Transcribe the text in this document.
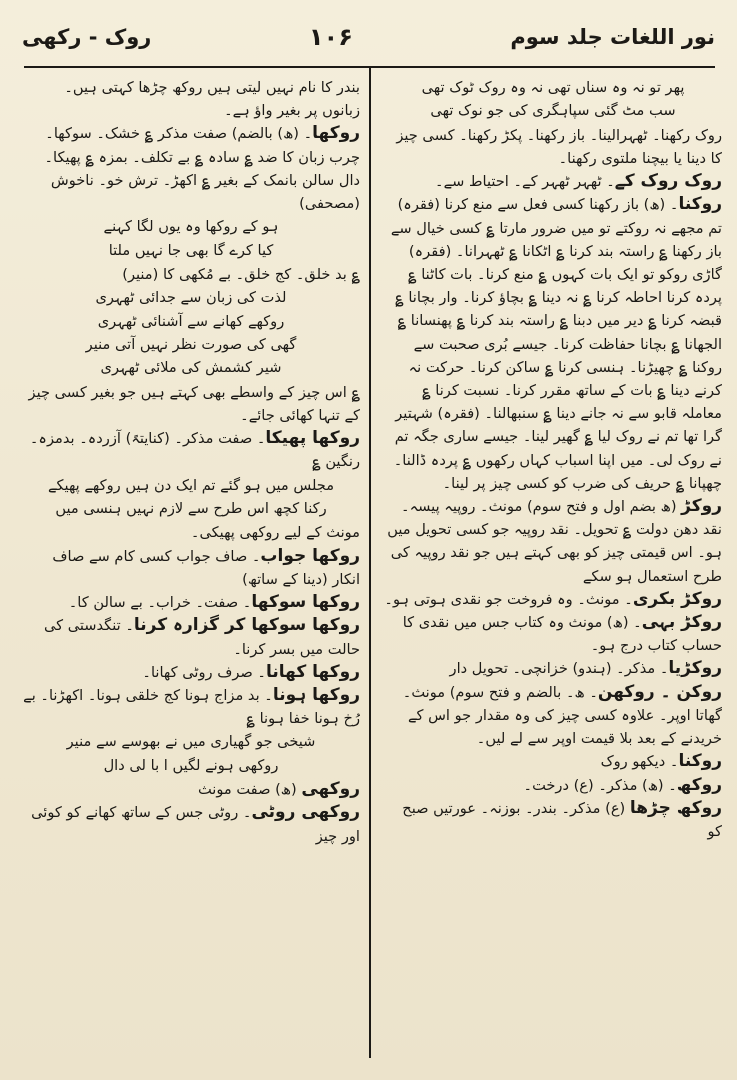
روک - رکھی	۱۰۶	نور اللغات جلد سوم

پھر تو نہ وہ سناں تھی نہ وہ روک ٹوک تھی

سب مٹ گئی سپاہگری کی جو نوک تھی

روک رکھنا۔ ٹھہرالینا۔ باز رکھنا۔ پکڑ رکھنا۔ کسی چیز کا دینا یا بیچنا ملتوی رکھنا۔

روک روک کے۔ ٹھہر ٹھہر کے۔ احتیاط سے۔

روکنا۔ (ھ) باز رکھنا کسی فعل سے منع کرنا (فقرہ) تم مجھے نہ روکتے تو میں ضرور مارتا ؏ کسی خیال سے باز رکھنا ؏ راستہ بند کرنا ؏ اٹکانا ؏ ٹھہرانا۔ (فقرہ) گاڑی روکو تو ایک بات کہوں ؏ منع کرنا۔ بات کاٹنا ؏ پردہ کرنا احاطہ کرنا ؏ نہ دینا ؏ بچاؤ کرنا۔ وار بچانا ؏ قبضہ کرنا ؏ دیر میں دبنا ؏ راستہ بند کرنا ؏ پھنسانا ؏ الجھانا ؏ بچانا حفاظت کرنا۔ جیسے بُری صحبت سے روکنا ؏ چھیڑنا۔ ہنسی کرنا ؏ ساکن کرنا۔ حرکت نہ کرنے دینا ؏ بات کے ساتھ مقرر کرنا۔ نسبت کرنا ؏ معاملہ قابو سے نہ جانے دینا ؏ سنبھالنا۔ (فقرہ) شہتیر گرا تھا تم نے روک لیا ؏ گھیر لینا۔ جیسے ساری جگہ تم نے روک لی۔ میں اپنا اسباب کہاں رکھوں ؏ پردہ ڈالنا۔ چھپانا ؏ حریف کی ضرب کو کسی چیز پر لینا۔

روکڑ (ھ بضم اول و فتح سوم) مونث۔ روپیہ پیسہ۔ نقد دھن دولت ؏ تحویل۔ نقد روپیہ جو کسی تحویل میں ہو۔ اس قیمتی چیز کو بھی کہتے ہیں جو نقد روپیہ کی طرح استعمال ہو سکے

روکڑ بکری۔ مونث۔ وہ فروخت جو نقدی ہوتی ہو۔

روکڑ بہی۔ (ھ) مونث وہ کتاب جس میں نقدی کا حساب کتاب درج ہو۔

روکڑیا۔ مذکر۔ (ہندو) خزانچی۔ تحویل دار

روکن ۔ روکھن۔ ھ۔ بالضم و فتح سوم) مونث۔ گھاتا اوپر۔ علاوہ کسی چیز کی وہ مقدار جو اس کے خریدنے کے بعد بلا قیمت اوپر سے لے لیں۔

روکنا۔ دیکھو روک

روکھ۔ (ھ) مذکر۔ (ع) درخت۔

روکھ چڑھا (ع) مذکر۔ بندر۔ بوزنہ۔ عورتیں صبح کو

بندر کا نام نہیں لیتی ہیں روکھ چڑھا کہتی ہیں۔ زبانوں پر بغیر واؤ ہے۔

روکھا۔ (ھ) بالضم) صفت مذکر ؏ خشک۔ سوکھا۔ چرب زبان کا ضد ؏ سادہ ؏ بے تکلف۔ بمزہ ؏ پھیکا۔ دال سالن بانمک کے بغیر ؏ اکھڑ۔ ترش خو۔ ناخوش (مصحفی)

ہو کے روکھا وہ یوں لگا کہنے

کیا کرے گا بھی جا نہیں ملتا

؏ بد خلق۔ کج خلق۔ بے مُکھی کا (منیر)

لذت کی زبان سے جدائی ٹھہری

روکھے کھانے سے آشنائی ٹھہری

گھی کی صورت نظر نہیں آتی منیر

شیر کشمش کی ملائی ٹھہری

؏ اس چیز کے واسطے بھی کہتے ہیں جو بغیر کسی چیز کے تنہا کھائی جائے۔

روکھا پھیکا۔ صفت مذکر۔ (کنایتہً) آزردہ۔ بدمزہ۔ رنگین ؏

مجلس میں ہو گئے تم ایک دن ہیں روکھے پھیکے

رکنا کچھ اس طرح سے لازم نہیں ہنسی میں

مونث کے لیے روکھی پھیکی۔

روکھا جواب۔ صاف جواب کسی کام سے صاف انکار (دینا کے ساتھ)

روکھا سوکھا۔ صفت۔ خراب۔ بے سالن کا۔

روکھا سوکھا کر گزارہ کرنا۔ تنگدستی کی حالت میں بسر کرنا۔

روکھا کھانا۔ صرف روٹی کھانا۔

روکھا ہونا۔ بد مزاج ہونا کج خلقی ہونا۔ اکھڑنا۔ بے رُخ ہونا خفا ہونا ؏

شیخی جو گھیاری میں نے بھوسے سے منیر

روکھی ہونے لگیں ا با لی دال

روکھی (ھ) صفت مونث

روکھی روٹی۔ روٹی جس کے ساتھ کھانے کو کوئی اور چیز
